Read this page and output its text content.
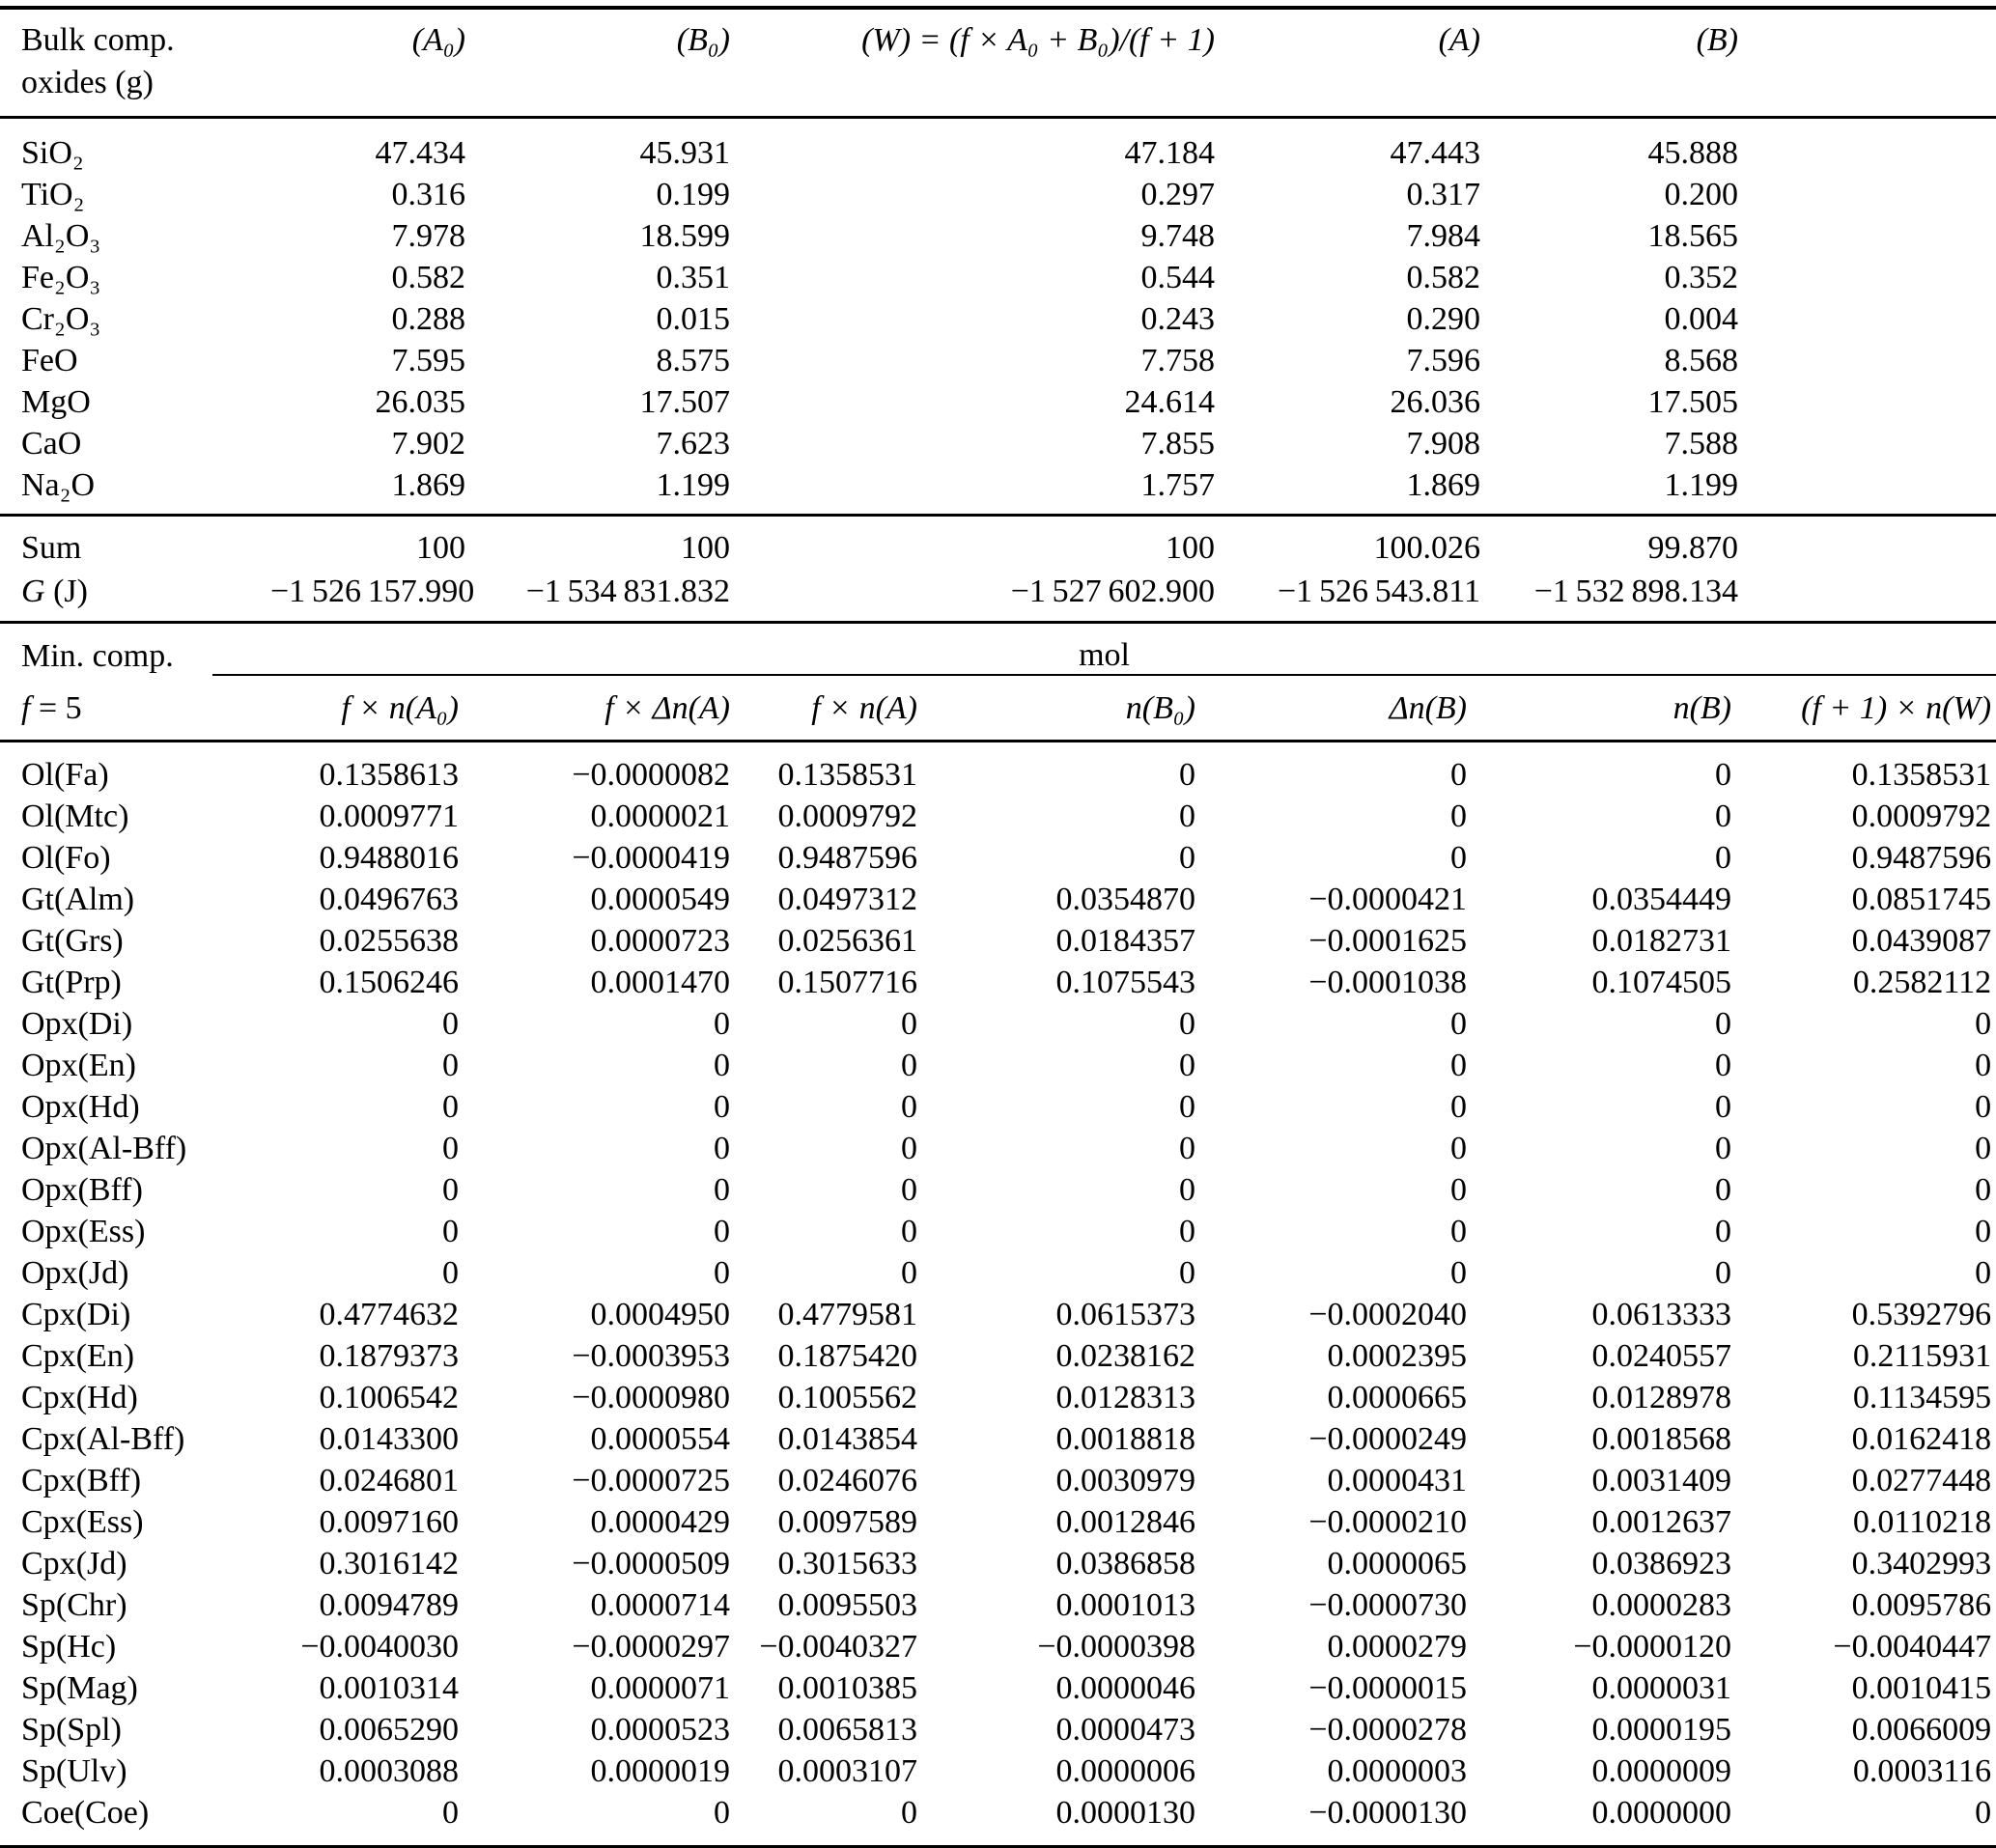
Bulk comp.
oxides (g)	(A₀)	(B₀)	(W) = (f × A₀ + B₀)/(f + 1)	(A)	(B)	
SiO₂	47.434	45.931	47.184	47.443	45.888	
TiO₂	0.316	0.199	0.297	0.317	0.200	
Al₂O₃	7.978	18.599	9.748	7.984	18.565	
Fe₂O₃	0.582	0.351	0.544	0.582	0.352	
Cr₂O₃	0.288	0.015	0.243	0.290	0.004	
FeO	7.595	8.575	7.758	7.596	8.568	
MgO	26.035	17.507	24.614	26.036	17.505	
CaO	7.902	7.623	7.855	7.908	7.588	
Na₂O	1.869	1.199	1.757	1.869	1.199	
Sum	100	100	100	100.026	99.870	
G (J)	−1 526 157.990	−1 534 831.832	−1 527 602.900	−1 526 543.811	−1 532 898.134	
Min. comp.	mol						
f = 5	f × n(A₀)	f × Δn(A)	f × n(A)	n(B₀)	Δn(B)	n(B)	(f + 1) × n(W)
Ol(Fa)	0.1358613	−0.0000082	0.1358531	0	0	0	0.1358531
Ol(Mtc)	0.0009771	0.0000021	0.0009792	0	0	0	0.0009792
Ol(Fo)	0.9488016	−0.0000419	0.9487596	0	0	0	0.9487596
Gt(Alm)	0.0496763	0.0000549	0.0497312	0.0354870	−0.0000421	0.0354449	0.0851745
Gt(Grs)	0.0255638	0.0000723	0.0256361	0.0184357	−0.0001625	0.0182731	0.0439087
Gt(Prp)	0.1506246	0.0001470	0.1507716	0.1075543	−0.0001038	0.1074505	0.2582112
Opx(Di)	0	0	0	0	0	0	0
Opx(En)	0	0	0	0	0	0	0
Opx(Hd)	0	0	0	0	0	0	0
Opx(Al-Bff)	0	0	0	0	0	0	0
Opx(Bff)	0	0	0	0	0	0	0
Opx(Ess)	0	0	0	0	0	0	0
Opx(Jd)	0	0	0	0	0	0	0
Cpx(Di)	0.4774632	0.0004950	0.4779581	0.0615373	−0.0002040	0.0613333	0.5392796
Cpx(En)	0.1879373	−0.0003953	0.1875420	0.0238162	0.0002395	0.0240557	0.2115931
Cpx(Hd)	0.1006542	−0.0000980	0.1005562	0.0128313	0.0000665	0.0128978	0.1134595
Cpx(Al-Bff)	0.0143300	0.0000554	0.0143854	0.0018818	−0.0000249	0.0018568	0.0162418
Cpx(Bff)	0.0246801	−0.0000725	0.0246076	0.0030979	0.0000431	0.0031409	0.0277448
Cpx(Ess)	0.0097160	0.0000429	0.0097589	0.0012846	−0.0000210	0.0012637	0.0110218
Cpx(Jd)	0.3016142	−0.0000509	0.3015633	0.0386858	0.0000065	0.0386923	0.3402993
Sp(Chr)	0.0094789	0.0000714	0.0095503	0.0001013	−0.0000730	0.0000283	0.0095786
Sp(Hc)	−0.0040030	−0.0000297	−0.0040327	−0.0000398	0.0000279	−0.0000120	−0.0040447
Sp(Mag)	0.0010314	0.0000071	0.0010385	0.0000046	−0.0000015	0.0000031	0.0010415
Sp(Spl)	0.0065290	0.0000523	0.0065813	0.0000473	−0.0000278	0.0000195	0.0066009
Sp(Ulv)	0.0003088	0.0000019	0.0003107	0.0000006	0.0000003	0.0000009	0.0003116
Coe(Coe)	0	0	0	0.0000130	−0.0000130	0.0000000	0
